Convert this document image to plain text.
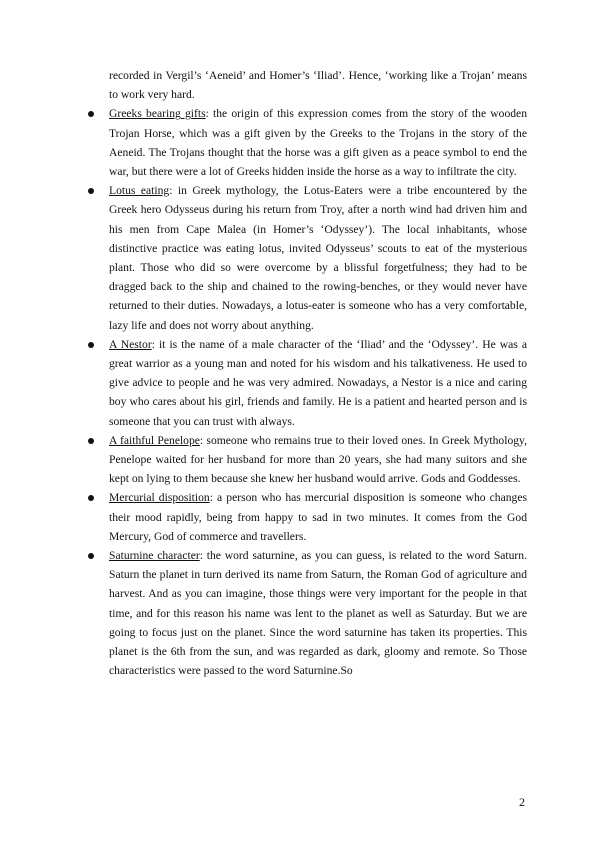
recorded in Vergil’s ‘Aeneid’ and Homer’s ‘Iliad’. Hence, ‘working like a Trojan’ means to work very hard.

Greeks bearing gifts: the origin of this expression comes from the story of the wooden Trojan Horse, which was a gift given by the Greeks to the Trojans in the story of the Aeneid. The Trojans thought that the horse was a gift given as a peace symbol to end the war, but there were a lot of Greeks hidden inside the horse as a way to infiltrate the city.
Lotus eating: in Greek mythology, the Lotus-Eaters were a tribe encountered by the Greek hero Odysseus during his return from Troy, after a north wind had driven him and his men from Cape Malea (in Homer’s ‘Odyssey’). The local inhabitants, whose distinctive practice was eating lotus, invited Odysseus’ scouts to eat of the mysterious plant. Those who did so were overcome by a blissful forgetfulness; they had to be dragged back to the ship and chained to the rowing-benches, or they would never have returned to their duties. Nowadays, a lotus-eater is someone who has a very comfortable, lazy life and does not worry about anything.
A Nestor: it is the name of a male character of the ‘Iliad’ and the ‘Odyssey’. He was a great warrior as a young man and noted for his wisdom and his talkativeness. He used to give advice to people and he was very admired. Nowadays, a Nestor is a nice and caring boy who cares about his girl, friends and family. He is a patient and hearted person and is someone that you can trust with always.
A faithful Penelope: someone who remains true to their loved ones. In Greek Mythology, Penelope waited for her husband for more than 20 years, she had many suitors and she kept on lying to them because she knew her husband would arrive. Gods and Goddesses.
Mercurial disposition: a person who has mercurial disposition is someone who changes their mood rapidly, being from happy to sad in two minutes. It comes from the God Mercury, God of commerce and travellers.
Saturnine character: the word saturnine, as you can guess, is related to the word Saturn. Saturn the planet in turn derived its name from Saturn, the Roman God of agriculture and harvest. And as you can imagine, those things were very important for the people in that time, and for this reason his name was lent to the planet as well as Saturday. But we are going to focus just on the planet. Since the word saturnine has taken its properties. This planet is the 6th from the sun, and was regarded as dark, gloomy and remote. So Those characteristics were passed to the word Saturnine.So
2
